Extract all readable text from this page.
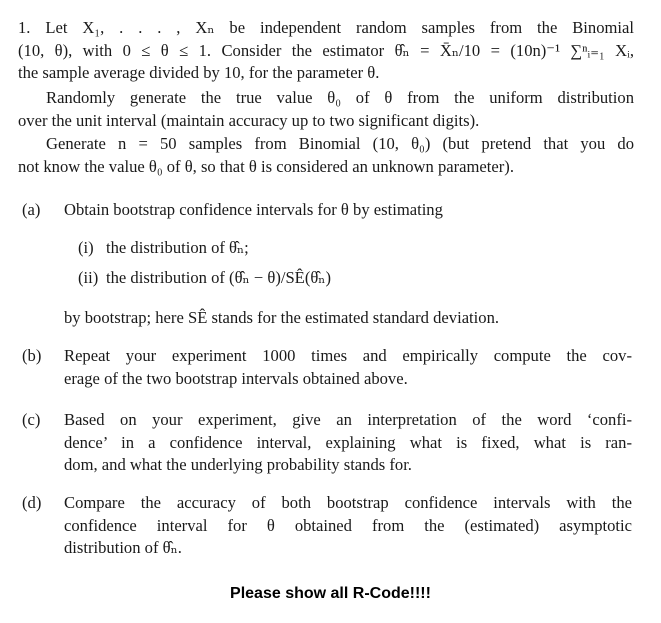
1. Let X₁, . . . , Xₙ be independent random samples from the Binomial
(10, θ), with 0 ≤ θ ≤ 1. Consider the estimator θ̂ₙ = X̄ₙ/10 = (10n)⁻¹ ∑ⁿᵢ₌₁ Xᵢ,
the sample average divided by 10, for the parameter θ.
Randomly generate the true value θ₀ of θ from the uniform distribution
over the unit interval (maintain accuracy up to two significant digits).
Generate n = 50 samples from Binomial (10, θ₀) (but pretend that you do
not know the value θ₀ of θ, so that θ is considered an unknown parameter).
(a) Obtain bootstrap confidence intervals for θ by estimating
(i) the distribution of θ̂ₙ;
(ii) the distribution of (θ̂ₙ − θ)/SÊ(θ̂ₙ)
by bootstrap; here SÊ stands for the estimated standard deviation.
(b) Repeat your experiment 1000 times and empirically compute the cov-
erage of the two bootstrap intervals obtained above.
(c) Based on your experiment, give an interpretation of the word ‘confi-
dence’ in a confidence interval, explaining what is fixed, what is ran-
dom, and what the underlying probability stands for.
(d) Compare the accuracy of both bootstrap confidence intervals with the
confidence interval for θ obtained from the (estimated) asymptotic
distribution of θ̂ₙ.
Please show all R-Code!!!!
